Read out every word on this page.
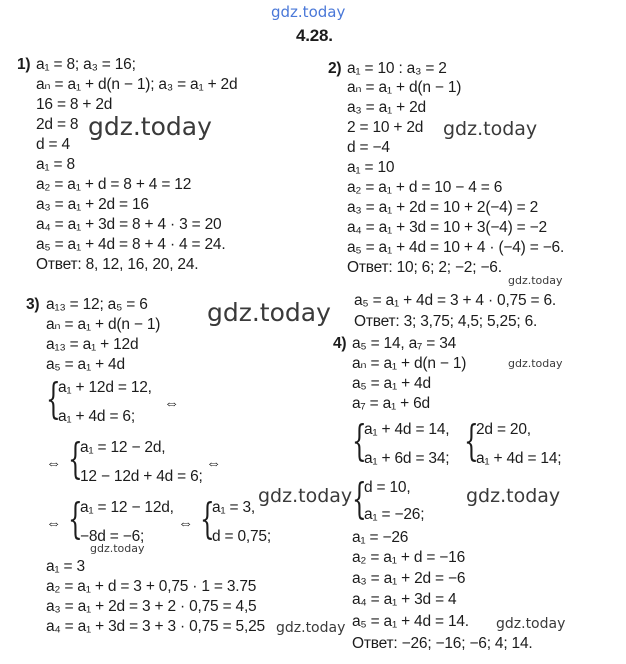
gdz.today
4.28.
1) a₁ = 8; a₃ = 16;
aₙ = a₁ + d(n − 1); a₃ = a₁ + 2d
16 = 8 + 2d
2d = 8
d = 4
a₁ = 8
a₂ = a₁ + d = 8 + 4 = 12
a₃ = a₁ + 2d = 16
a₄ = a₁ + 3d = 8 + 4 · 3 = 20
a₅ = a₁ + 4d = 8 + 4 · 4 = 24.
Ответ: 8, 12, 16, 20, 24.
gdz.today
2) a₁ = 10 : a₃ = 2
aₙ = a₁ + d(n − 1)
a₃ = a₁ + 2d
2 = 10 + 2d
d = −4
a₁ = 10
a₂ = a₁ + d = 10 − 4 = 6
a₃ = a₁ + 2d = 10 + 2(−4) = 2
a₄ = a₁ + 3d = 10 + 3(−4) = −2
a₅ = a₁ + 4d = 10 + 4 · (−4) = −6.
Ответ: 10; 6; 2; −2; −6.
gdz.today
gdz.today
a₅ = a₁ + 4d = 3 + 4 · 0,75 = 6.
Ответ: 3; 3,75; 4,5; 5,25; 6.
gdz.today
gdz.today
3) a₁₃ = 12; a₅ = 6
aₙ = a₁ + d(n − 1)
a₁₃ = a₁ + 12d
a₅ = a₁ + 4d
{
a₁ + 12d = 12,
a₁ + 4d = 6;
⇔
⇔ {
a₁ = 12 − 2d,
12 − 12d + 4d = 6;
⇔
⇔ {
a₁ = 12 − 12d,
−8d = −6;
⇔ {
a₁ = 3,
d = 0,75;
gdz.today
gdz.today
a₁ = 3
a₂ = a₁ + d = 3 + 0,75 · 1 = 3.75
a₃ = a₁ + 2d = 3 + 2 · 0,75 = 4,5
a₄ = a₁ + 3d = 3 + 3 · 0,75 = 5,25 gdz.today
4) a₅ = 14, a₇ = 34
aₙ = a₁ + d(n − 1)
a₅ = a₁ + 4d
a₇ = a₁ + 6d
{
a₁ + 4d = 14,
a₁ + 6d = 34; {
2d = 20,
a₁ + 4d = 14;
{
d = 10,
a₁ = −26;
gdz.today
a₁ = −26
a₂ = a₁ + d = −16
a₃ = a₁ + 2d = −6
a₄ = a₁ + 3d = 4
a₅ = a₁ + 4d = 14.
Ответ: −26; −16; −6; 4; 14.
gdz.today
